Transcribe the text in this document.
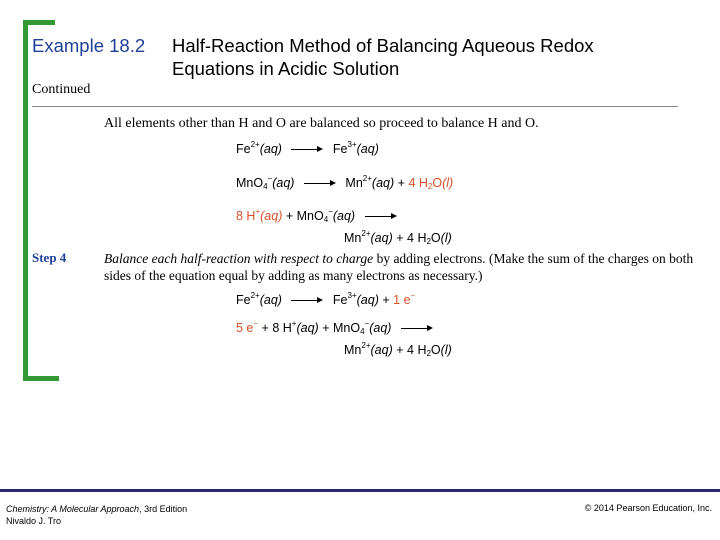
Example 18.2 Half-Reaction Method of Balancing Aqueous Redox
Equations in Acidic Solution
Continued
All elements other than H and O are balanced so proceed to balance H and O.
$Fe^{2+}(aq)$	$Fe^{3+}(aq)$
MnO$_4$−(aq)	$Mn^{2+}(aq) + 4$ $H_2O(l)$
8 H+(aq) + MnO$_4$−(aq)
$Mn^{2+}(aq) + 4$ $H_2O(l)$
Step 4	Balance each half-reaction with respect to charge by adding electrons. (Make the sum of the charges on both sides of the equation equal by adding as many electrons as necessary.)
$Fe^{2+}(aq)$	$Fe^{3+}(aq) + 1$ e−
5 e− + 8 H+(aq) + MnO$_4$−(aq)
$Mn^{2+}(aq) + 4$ $H_2O(l)$
Chemistry: A Molecular Approach, 3rd Edition
Nivaldo J. Tro
© 2014 Pearson Education, Inc.
